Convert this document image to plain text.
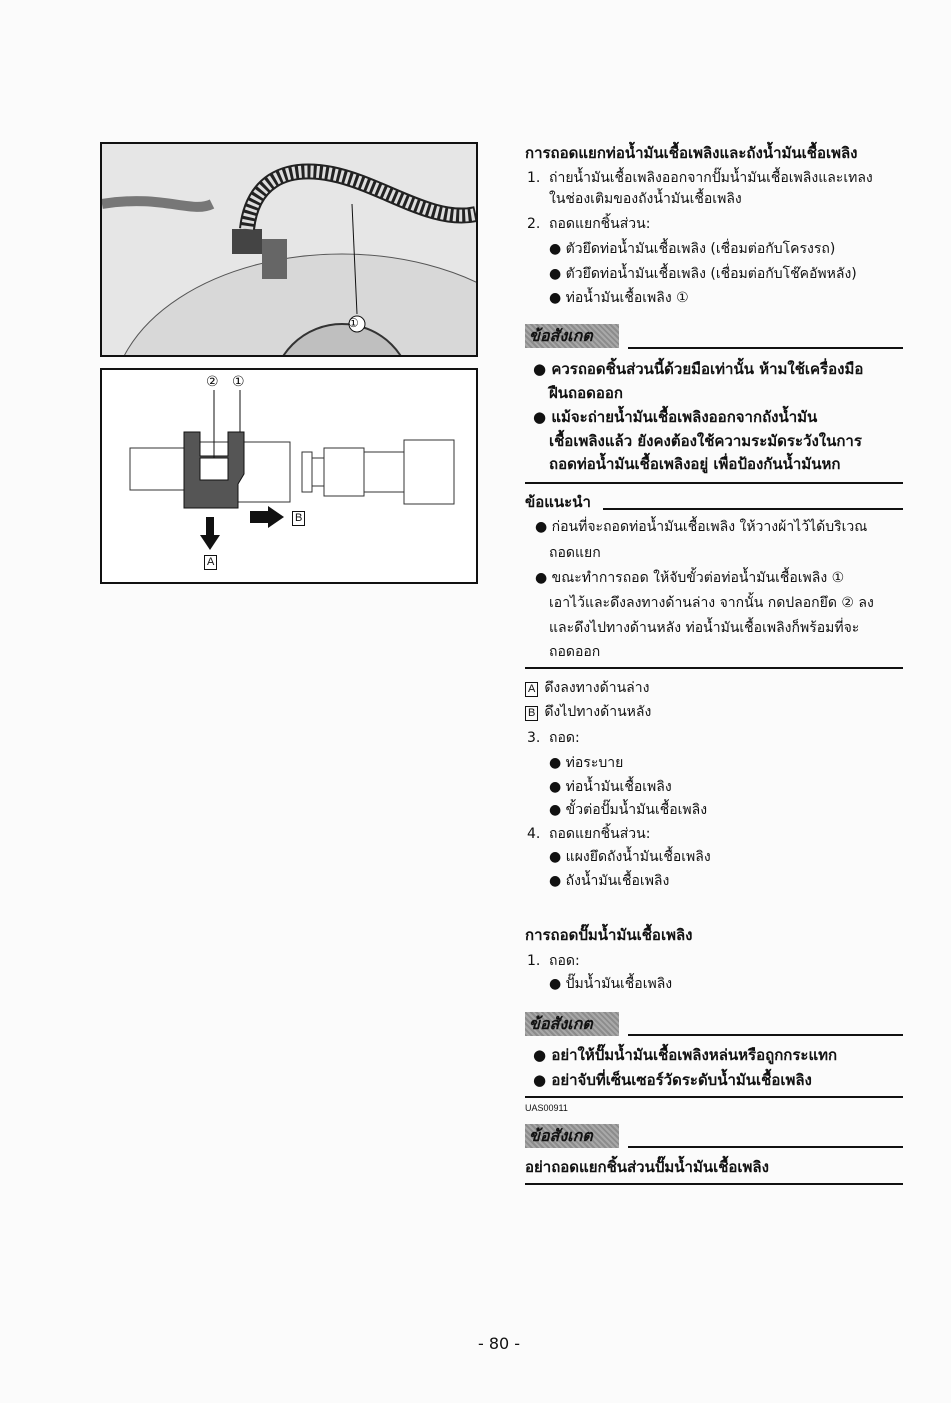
①
② ①
A
B
การถอดแยกท่อน้ำมันเชื้อเพลิงและถังน้ำมันเชื้อเพลิง
1. ถ่ายน้ำมันเชื้อเพลิงออกจากปั๊มน้ำมันเชื้อเพลิงและเทลง
ในช่องเติมของถังน้ำมันเชื้อเพลิง
2. ถอดแยกชิ้นส่วน:
● ตัวยึดท่อน้ำมันเชื้อเพลิง (เชื่อมต่อกับโครงรถ)
● ตัวยึดท่อน้ำมันเชื้อเพลิง (เชื่อมต่อกับโช๊คอัพหลัง)
● ท่อน้ำมันเชื้อเพลิง ①
ข้อสังเกต
● ควรถอดชิ้นส่วนนี้ด้วยมือเท่านั้น ห้ามใช้เครื่องมือ
ฝืนถอดออก
● แม้จะถ่ายน้ำมันเชื้อเพลิงออกจากถังน้ำมัน
เชื้อเพลิงแล้ว ยังคงต้องใช้ความระมัดระวังในการ
ถอดท่อน้ำมันเชื้อเพลิงอยู่ เพื่อป้องกันน้ำมันหก
ข้อแนะนำ
● ก่อนที่จะถอดท่อน้ำมันเชื้อเพลิง ให้วางผ้าไว้ได้บริเวณ
ถอดแยก
● ขณะทำการถอด ให้จับขั้วต่อท่อน้ำมันเชื้อเพลิง ①
เอาไว้และดึงลงทางด้านล่าง จากนั้น กดปลอกยึด ② ลง
และดึงไปทางด้านหลัง ท่อน้ำมันเชื้อเพลิงก็พร้อมที่จะ
ถอดออก
A ดึงลงทางด้านล่าง
B ดึงไปทางด้านหลัง
3. ถอด:
● ท่อระบาย
● ท่อน้ำมันเชื้อเพลิง
● ขั้วต่อปั๊มน้ำมันเชื้อเพลิง
4. ถอดแยกชิ้นส่วน:
● แผงยึดถังน้ำมันเชื้อเพลิง
● ถังน้ำมันเชื้อเพลิง
การถอดปั๊มน้ำมันเชื้อเพลิง
1. ถอด:
● ปั๊มน้ำมันเชื้อเพลิง
ข้อสังเกต
● อย่าให้ปั๊มน้ำมันเชื้อเพลิงหล่นหรือถูกกระแทก
● อย่าจับที่เซ็นเซอร์วัดระดับน้ำมันเชื้อเพลิง
UAS00911
ข้อสังเกต
อย่าถอดแยกชิ้นส่วนปั๊มน้ำมันเชื้อเพลิง
- 80 -
